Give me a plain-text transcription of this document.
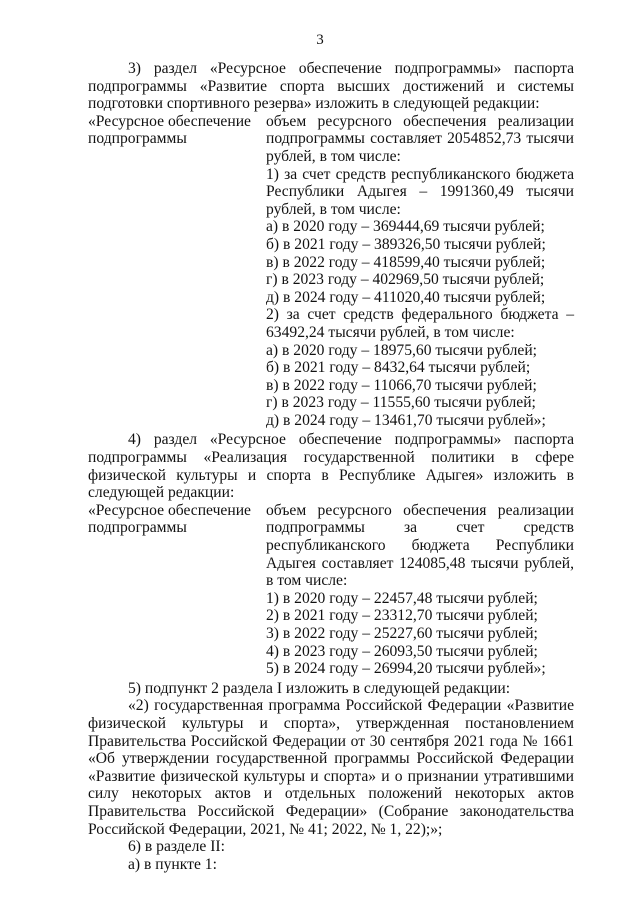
3

3) раздел «Ресурсное обеспечение подпрограммы» паспорта подпрограммы «Развитие спорта высших достижений и системы подготовки спортивного резерва» изложить в следующей редакции:

«Ресурсное обеспечение подпрограммы

объем ресурсного обеспечения реализации подпрограммы составляет 2054852,73 тысячи рублей, в том числе:

1) за счет средств республиканского бюджета Республики Адыгея – 1991360,49 тысячи рублей, в том числе:

а) в 2020 году – 369444,69 тысячи рублей;

б) в 2021 году – 389326,50 тысячи рублей;

в) в 2022 году – 418599,40 тысячи рублей;

г) в 2023 году – 402969,50 тысячи рублей;

д) в 2024 году – 411020,40 тысячи рублей;

2) за счет средств федерального бюджета – 63492,24 тысячи рублей, в том числе:

а) в 2020 году – 18975,60 тысячи рублей;

б) в 2021 году – 8432,64 тысячи рублей;

в) в 2022 году – 11066,70 тысячи рублей;

г) в 2023 году – 11555,60 тысячи рублей;

д) в 2024 году – 13461,70 тысячи рублей»;

4) раздел «Ресурсное обеспечение подпрограммы» паспорта подпрограммы «Реализация государственной политики в сфере физической культуры и спорта в Республике Адыгея» изложить в следующей редакции:

«Ресурсное обеспечение подпрограммы

объем ресурсного обеспечения реализации подпрограммы за счет средств республиканского бюджета Республики Адыгея составляет 124085,48 тысячи рублей, в том числе:

1) в 2020 году – 22457,48 тысячи рублей;

2) в 2021 году – 23312,70 тысячи рублей;

3) в 2022 году – 25227,60 тысячи рублей;

4) в 2023 году – 26093,50 тысячи рублей;

5) в 2024 году – 26994,20 тысячи рублей»;

5) подпункт 2 раздела I изложить в следующей редакции:

«2) государственная программа Российской Федерации «Развитие физической культуры и спорта», утвержденная постановлением Правительства Российской Федерации от 30 сентября 2021 года № 1661 «Об утверждении государственной программы Российской Федерации «Развитие физической культуры и спорта» и о признании утратившими силу некоторых актов и отдельных положений некоторых актов Правительства Российской Федерации» (Собрание законодательства Российской Федерации, 2021, № 41; 2022, № 1, 22);»;

6) в разделе II:

а) в пункте 1:
